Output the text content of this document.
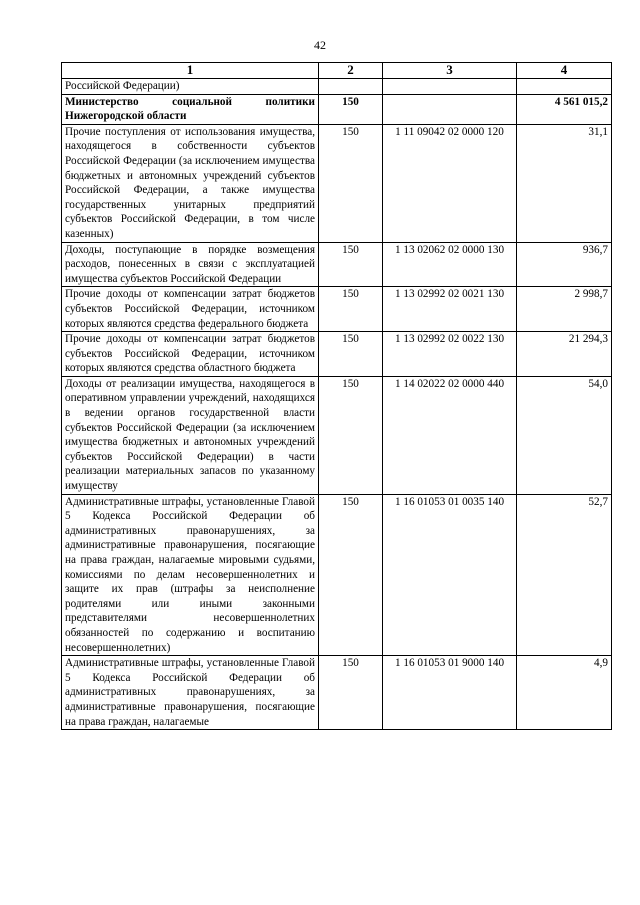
42
1	2	3	4
Российской Федерации)			
Министерство социальной политики Нижегородской области	150		4 561 015,2
Прочие поступления от использования имущества, находящегося в собственности субъектов Российской Федерации (за исключением имущества бюджетных и автономных учреждений субъектов Российской Федерации, а также имущества государственных унитарных предприятий субъектов Российской Федерации, в том числе казенных)	150	1 11 09042 02 0000 120	31,1
Доходы, поступающие в порядке возмещения расходов, понесенных в связи с эксплуатацией имущества субъектов Российской Федерации	150	1 13 02062 02 0000 130	936,7
Прочие доходы от компенсации затрат бюджетов субъектов Российской Федерации, источником которых являются средства федерального бюджета	150	1 13 02992 02 0021 130	2 998,7
Прочие доходы от компенсации затрат бюджетов субъектов Российской Федерации, источником которых являются средства областного бюджета	150	1 13 02992 02 0022 130	21 294,3
Доходы от реализации имущества, находящегося в оперативном управлении учреждений, находящихся в ведении органов государственной власти субъектов Российской Федерации (за исключением имущества бюджетных и автономных учреждений субъектов Российской Федерации) в части реализации материальных запасов по указанному имуществу	150	1 14 02022 02 0000 440	54,0
Административные штрафы, установленные Главой 5 Кодекса Российской Федерации об административных правонарушениях, за административные правонарушения, посягающие на права граждан, налагаемые мировыми судьями, комиссиями по делам несовершеннолетних и защите их прав (штрафы за неисполнение родителями или иными законными представителями несовершеннолетних обязанностей по содержанию и воспитанию несовершеннолетних)	150	1 16 01053 01 0035 140	52,7
Административные штрафы, установленные Главой 5 Кодекса Российской Федерации об административных правонарушениях, за административные правонарушения, посягающие на права граждан, налагаемые	150	1 16 01053 01 9000 140	4,9
